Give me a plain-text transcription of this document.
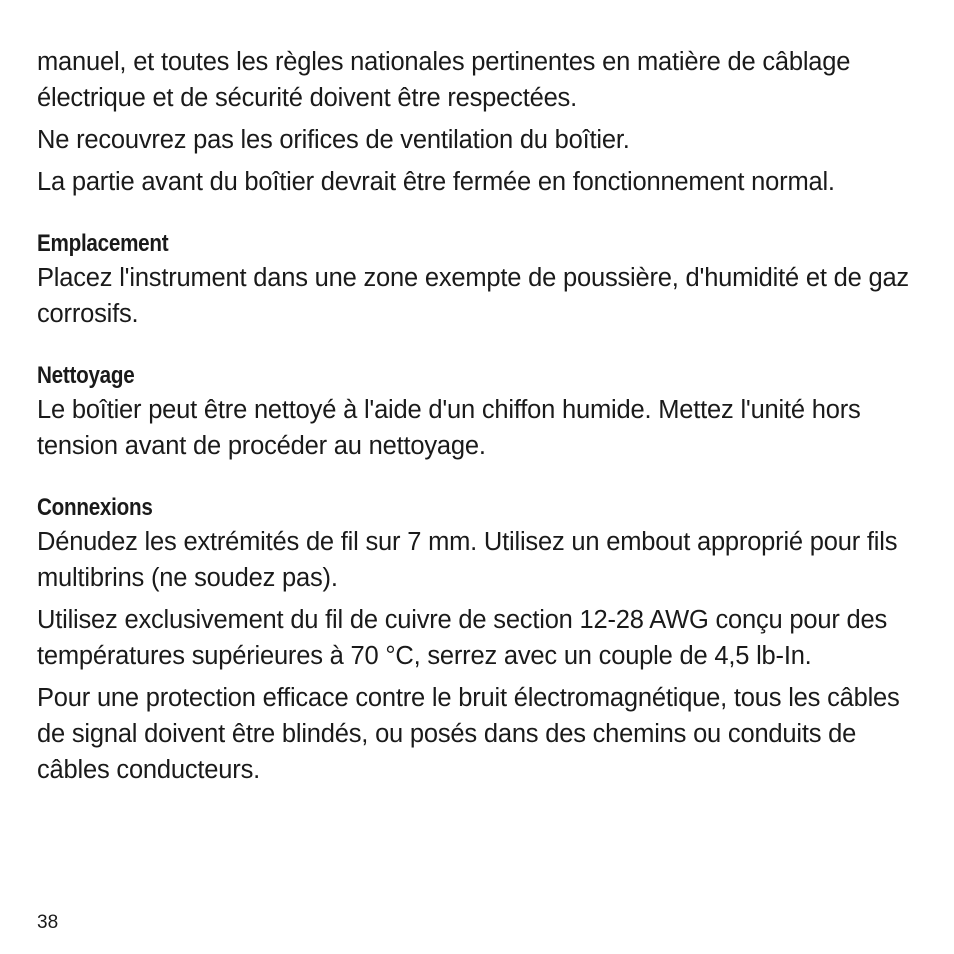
manuel, et toutes les règles nationales pertinentes en matière de câblage électrique et de sécurité doivent être respectées.

Ne recouvrez pas les orifices de ventilation du boîtier.

La partie avant du boîtier devrait être fermée en fonctionnement normal.

Emplacement

Placez l'instrument dans une zone exempte de poussière, d'humidité et de gaz corrosifs.

Nettoyage

Le boîtier peut être nettoyé à l'aide d'un chiffon humide. Mettez l'unité hors tension avant de procéder au nettoyage.

Connexions

Dénudez les extrémités de fil sur 7 mm. Utilisez un embout approprié pour fils multibrins (ne soudez pas).

Utilisez exclusivement du fil de cuivre de section 12-28 AWG conçu pour des températures supérieures à 70 °C, serrez avec un couple de 4,5 lb-In.

Pour une protection efficace contre le bruit électromagnétique, tous les câbles de signal doivent être blindés, ou posés dans des chemins ou conduits de câbles conducteurs.

38
